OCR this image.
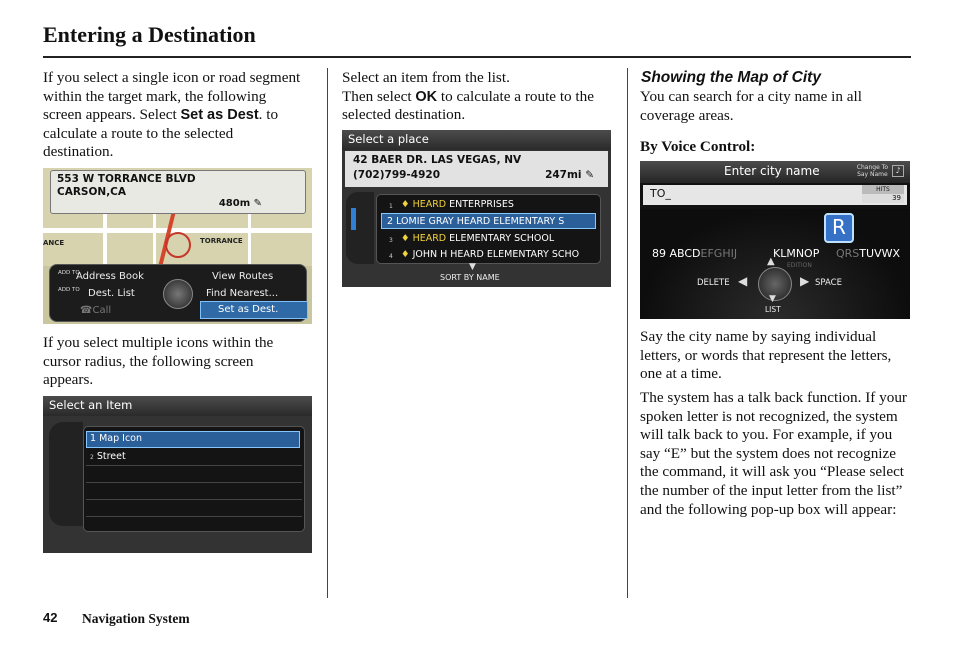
Entering a Destination
If you select a single icon or road segment within the target mark, the following screen appears. Select Set as Dest. to calculate a route to the selected destination.
ANCE	TORRANCE
553 W TORRANCE BLVD
CARSON,CA
480m ✎
ADD TO
Address Book	View Routes
ADD TO Dest. List	Find Nearest...
☎Call	Set as Dest.
If you select multiple icons within the cursor radius, the following screen appears.
Select an Item
1 Map Icon
2 Street
Select an item from the list.
Then select OK to calculate a route to the selected destination.
Select a place
42 BAER DR. LAS VEGAS, NV
(702)799-4920	247mi ✎
1 ♦ HEARD ENTERPRISES
2 LOMIE GRAY HEARD ELEMENTARY S
3 ♦ HEARD ELEMENTARY SCHOOL
4 ♦ JOHN H HEARD ELEMENTARY SCHO
▼
SORT BY NAME
Showing the Map of City
You can search for a city name in all coverage areas.
By Voice Control:
Enter city name	Change To
Say Name ♪
TO_	HITS
39
89 ABCDEFGHIJ	KLMNOP QRSTUVWX
R
EDITION
▲
DELETE ◀	▶ SPACE
▼
LIST
Say the city name by saying individual letters, or words that represent the letters, one at a time.
The system has a talk back function. If your spoken letter is not recognized, the system will talk back to you. For example, if you say “E” but the system does not recognize the command, it will ask you “Please select the number of the input letter from the list” and the following pop-up box will appear:
42 Navigation System
